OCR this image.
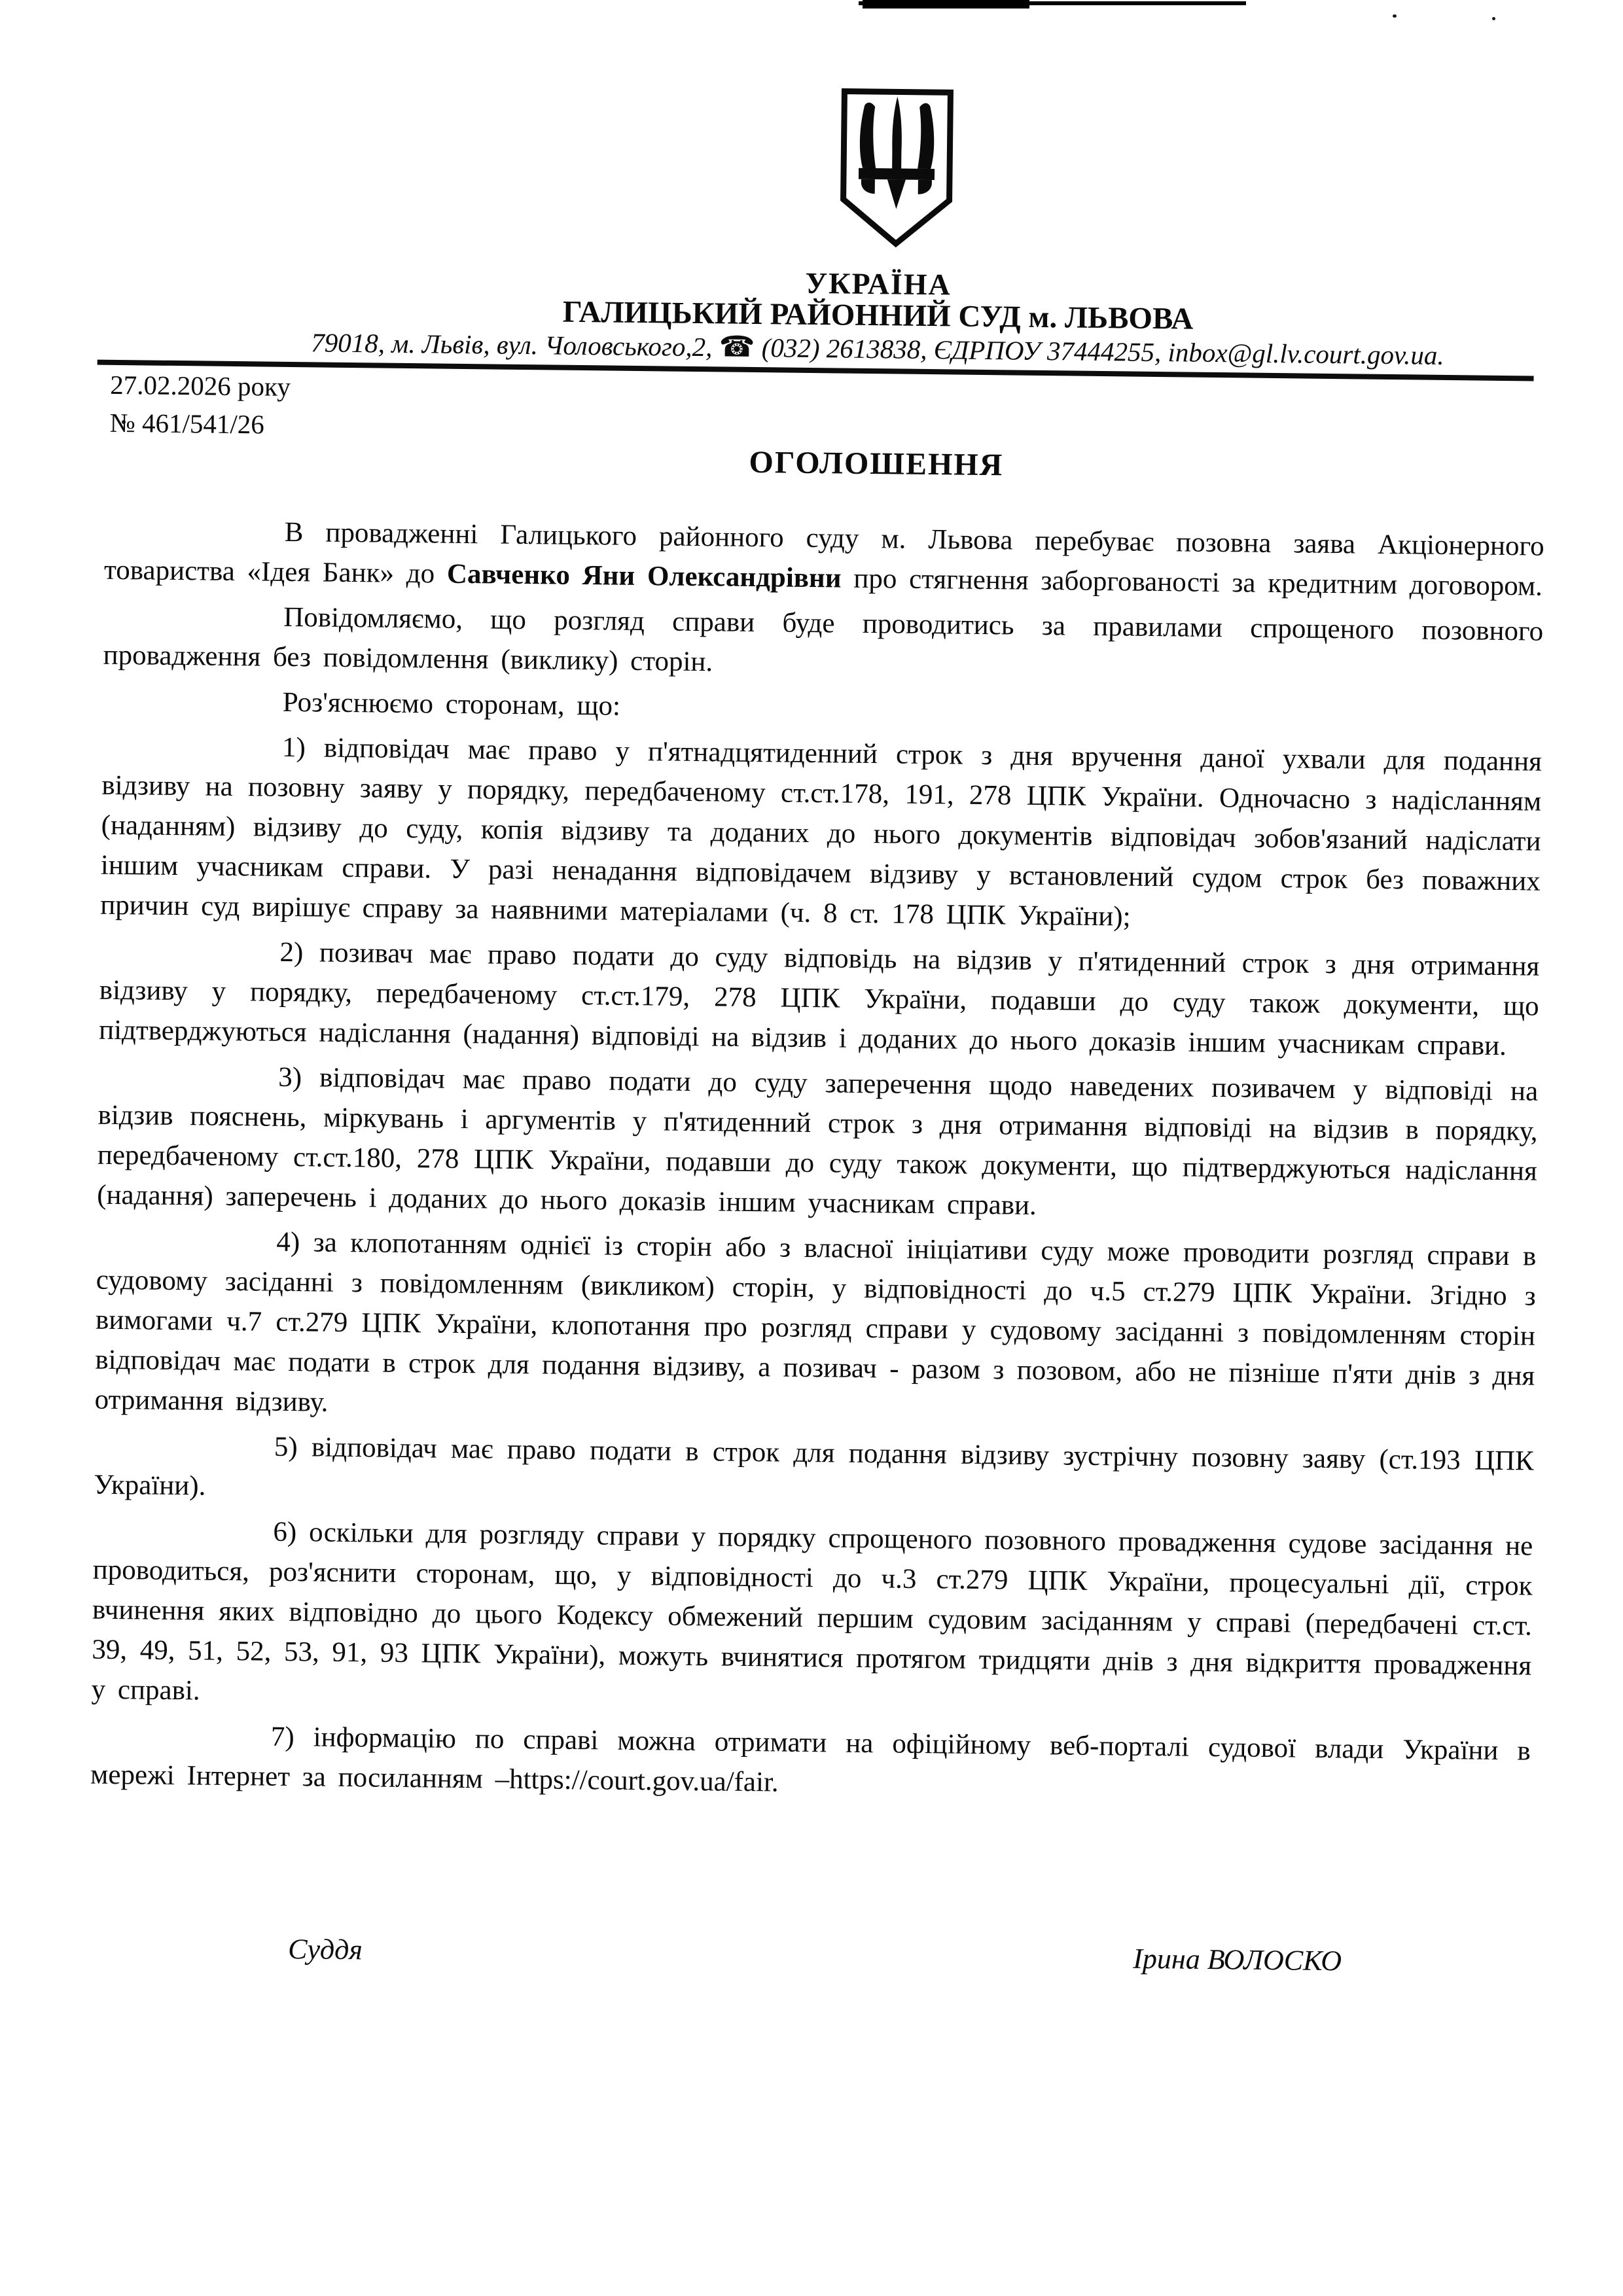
УКРАЇНА
ГАЛИЦЬКИЙ РАЙОННИЙ СУД м. ЛЬВОВА
79018, м. Львів, вул. Чоловського,2, ☎ (032) 2613838, ЄДРПОУ 37444255, inbox@gl.lv.court.gov.ua.
27.02.2026 року
№ 461/541/26
ОГОЛОШЕННЯ

В провадженні Галицького районного суду м. Львова перебуває позовна заява Акціонерного товариства «Ідея Банк» до Савченко Яни Олександрівни про стягнення заборгованості за кредитним договором.

Повідомляємо, що розгляд справи буде проводитись за правилами спрощеного позовного провадження без повідомлення (виклику) сторін.

Роз'яснюємо сторонам, що:

1) відповідач має право у п'ятнадцятиденний строк з дня вручення даної ухвали для подання відзиву на позовну заяву у порядку, передбаченому ст.ст.178, 191, 278 ЦПК України. Одночасно з надісланням (наданням) відзиву до суду, копія відзиву та доданих до нього документів відповідач зобов'язаний надіслати іншим учасникам справи. У разі ненадання відповідачем відзиву у встановлений судом строк без поважних причин суд вирішує справу за наявними матеріалами (ч. 8 ст. 178 ЦПК України);

2) позивач має право подати до суду відповідь на відзив у п'ятиденний строк з дня отримання відзиву у порядку, передбаченому ст.ст.179, 278 ЦПК України, подавши до суду також документи, що підтверджуються надіслання (надання) відповіді на відзив і доданих до нього доказів іншим учасникам справи.

3) відповідач має право подати до суду заперечення щодо наведених позивачем у відповіді на відзив пояснень, міркувань і аргументів у п'ятиденний строк з дня отримання відповіді на відзив в порядку, передбаченому ст.ст.180, 278 ЦПК України, подавши до суду також документи, що підтверджуються надіслання (надання) заперечень і доданих до нього доказів іншим учасникам справи.

4) за клопотанням однієї із сторін або з власної ініціативи суду може проводити розгляд справи в судовому засіданні з повідомленням (викликом) сторін, у відповідності до ч.5 ст.279 ЦПК України. Згідно з вимогами ч.7 ст.279 ЦПК України, клопотання про розгляд справи у судовому засіданні з повідомленням сторін відповідач має подати в строк для подання відзиву, а позивач - разом з позовом, або не пізніше п'яти днів з дня отримання відзиву.

5) відповідач має право подати в строк для подання відзиву зустрічну позовну заяву (ст.193 ЦПК України).

6) оскільки для розгляду справи у порядку спрощеного позовного провадження судове засідання не проводиться, роз'яснити сторонам, що, у відповідності до ч.3 ст.279 ЦПК України, процесуальні дії, строк вчинення яких відповідно до цього Кодексу обмежений першим судовим засіданням у справі (передбачені ст.ст. 39, 49, 51, 52, 53, 91, 93 ЦПК України), можуть вчинятися протягом тридцяти днів з дня відкриття провадження у справі.

7) інформацію по справі можна отримати на офіційному веб-порталі судової влади України в мережі Інтернет за посиланням –https://court.gov.ua/fair.

Суддя	Ірина ВОЛОСКО
